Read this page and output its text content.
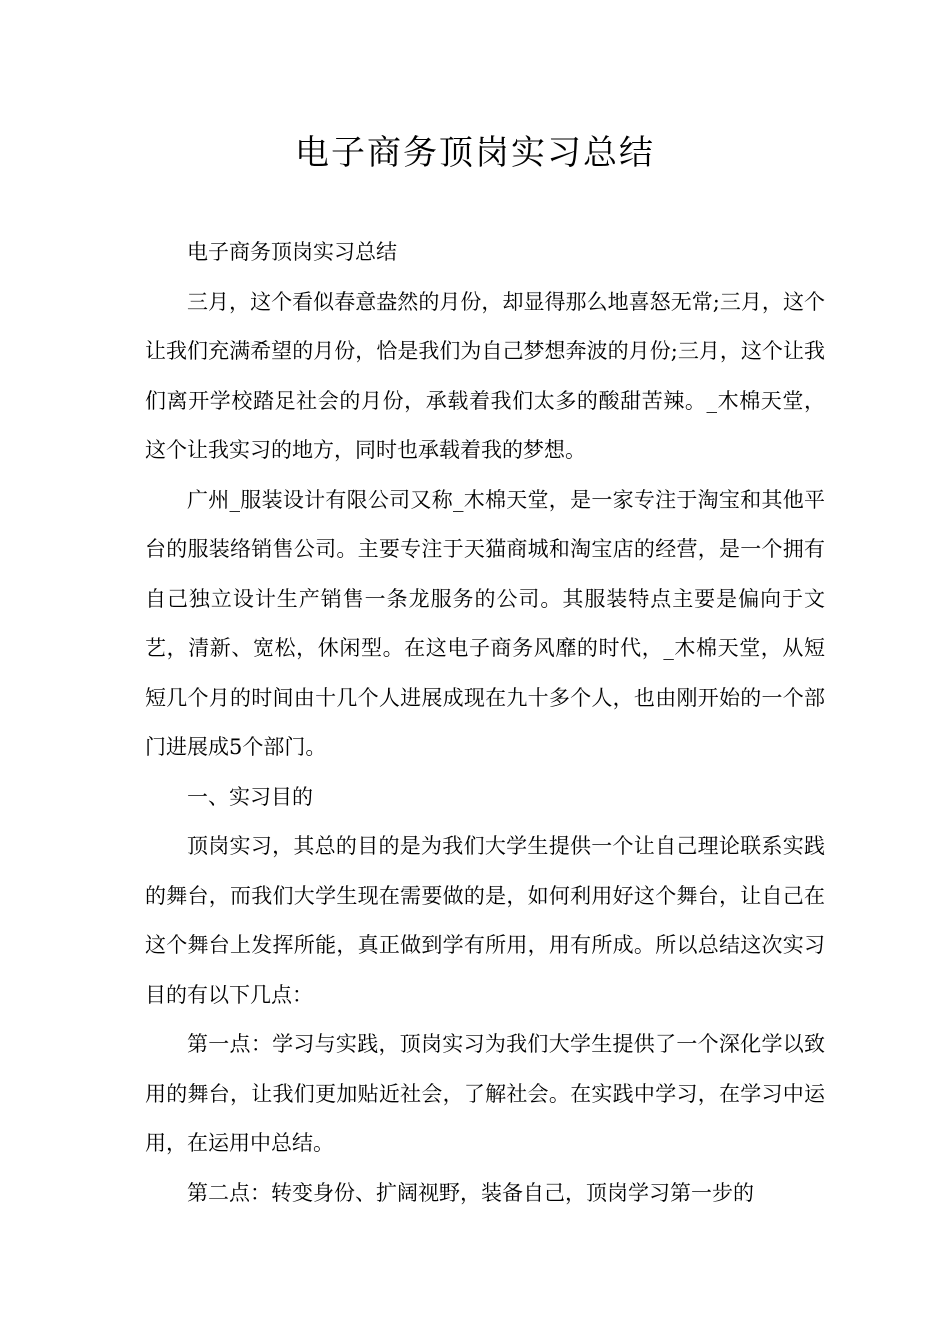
电子商务顶岗实习总结

电子商务顶岗实习总结

三月，这个看似春意盎然的月份，却显得那么地喜怒无常;三月，这个让我们充满希望的月份，恰是我们为自己梦想奔波的月份;三月，这个让我们离开学校踏足社会的月份，承载着我们太多的酸甜苦辣。_木棉天堂，这个让我实习的地方，同时也承载着我的梦想。

广州_服装设计有限公司又称_木棉天堂，是一家专注于淘宝和其他平台的服装络销售公司。主要专注于天猫商城和淘宝店的经营，是一个拥有自己独立设计生产销售一条龙服务的公司。其服装特点主要是偏向于文艺，清新、宽松，休闲型。在这电子商务风靡的时代，_木棉天堂，从短短几个月的时间由十几个人进展成现在九十多个人，也由刚开始的一个部门进展成5个部门。

一、实习目的

顶岗实习，其总的目的是为我们大学生提供一个让自己理论联系实践的舞台，而我们大学生现在需要做的是，如何利用好这个舞台，让自己在这个舞台上发挥所能，真正做到学有所用，用有所成。所以总结这次实习目的有以下几点：

第一点：学习与实践，顶岗实习为我们大学生提供了一个深化学以致用的舞台，让我们更加贴近社会，了解社会。在实践中学习，在学习中运用，在运用中总结。

第二点：转变身份、扩阔视野，装备自己，顶岗学习第一步的
